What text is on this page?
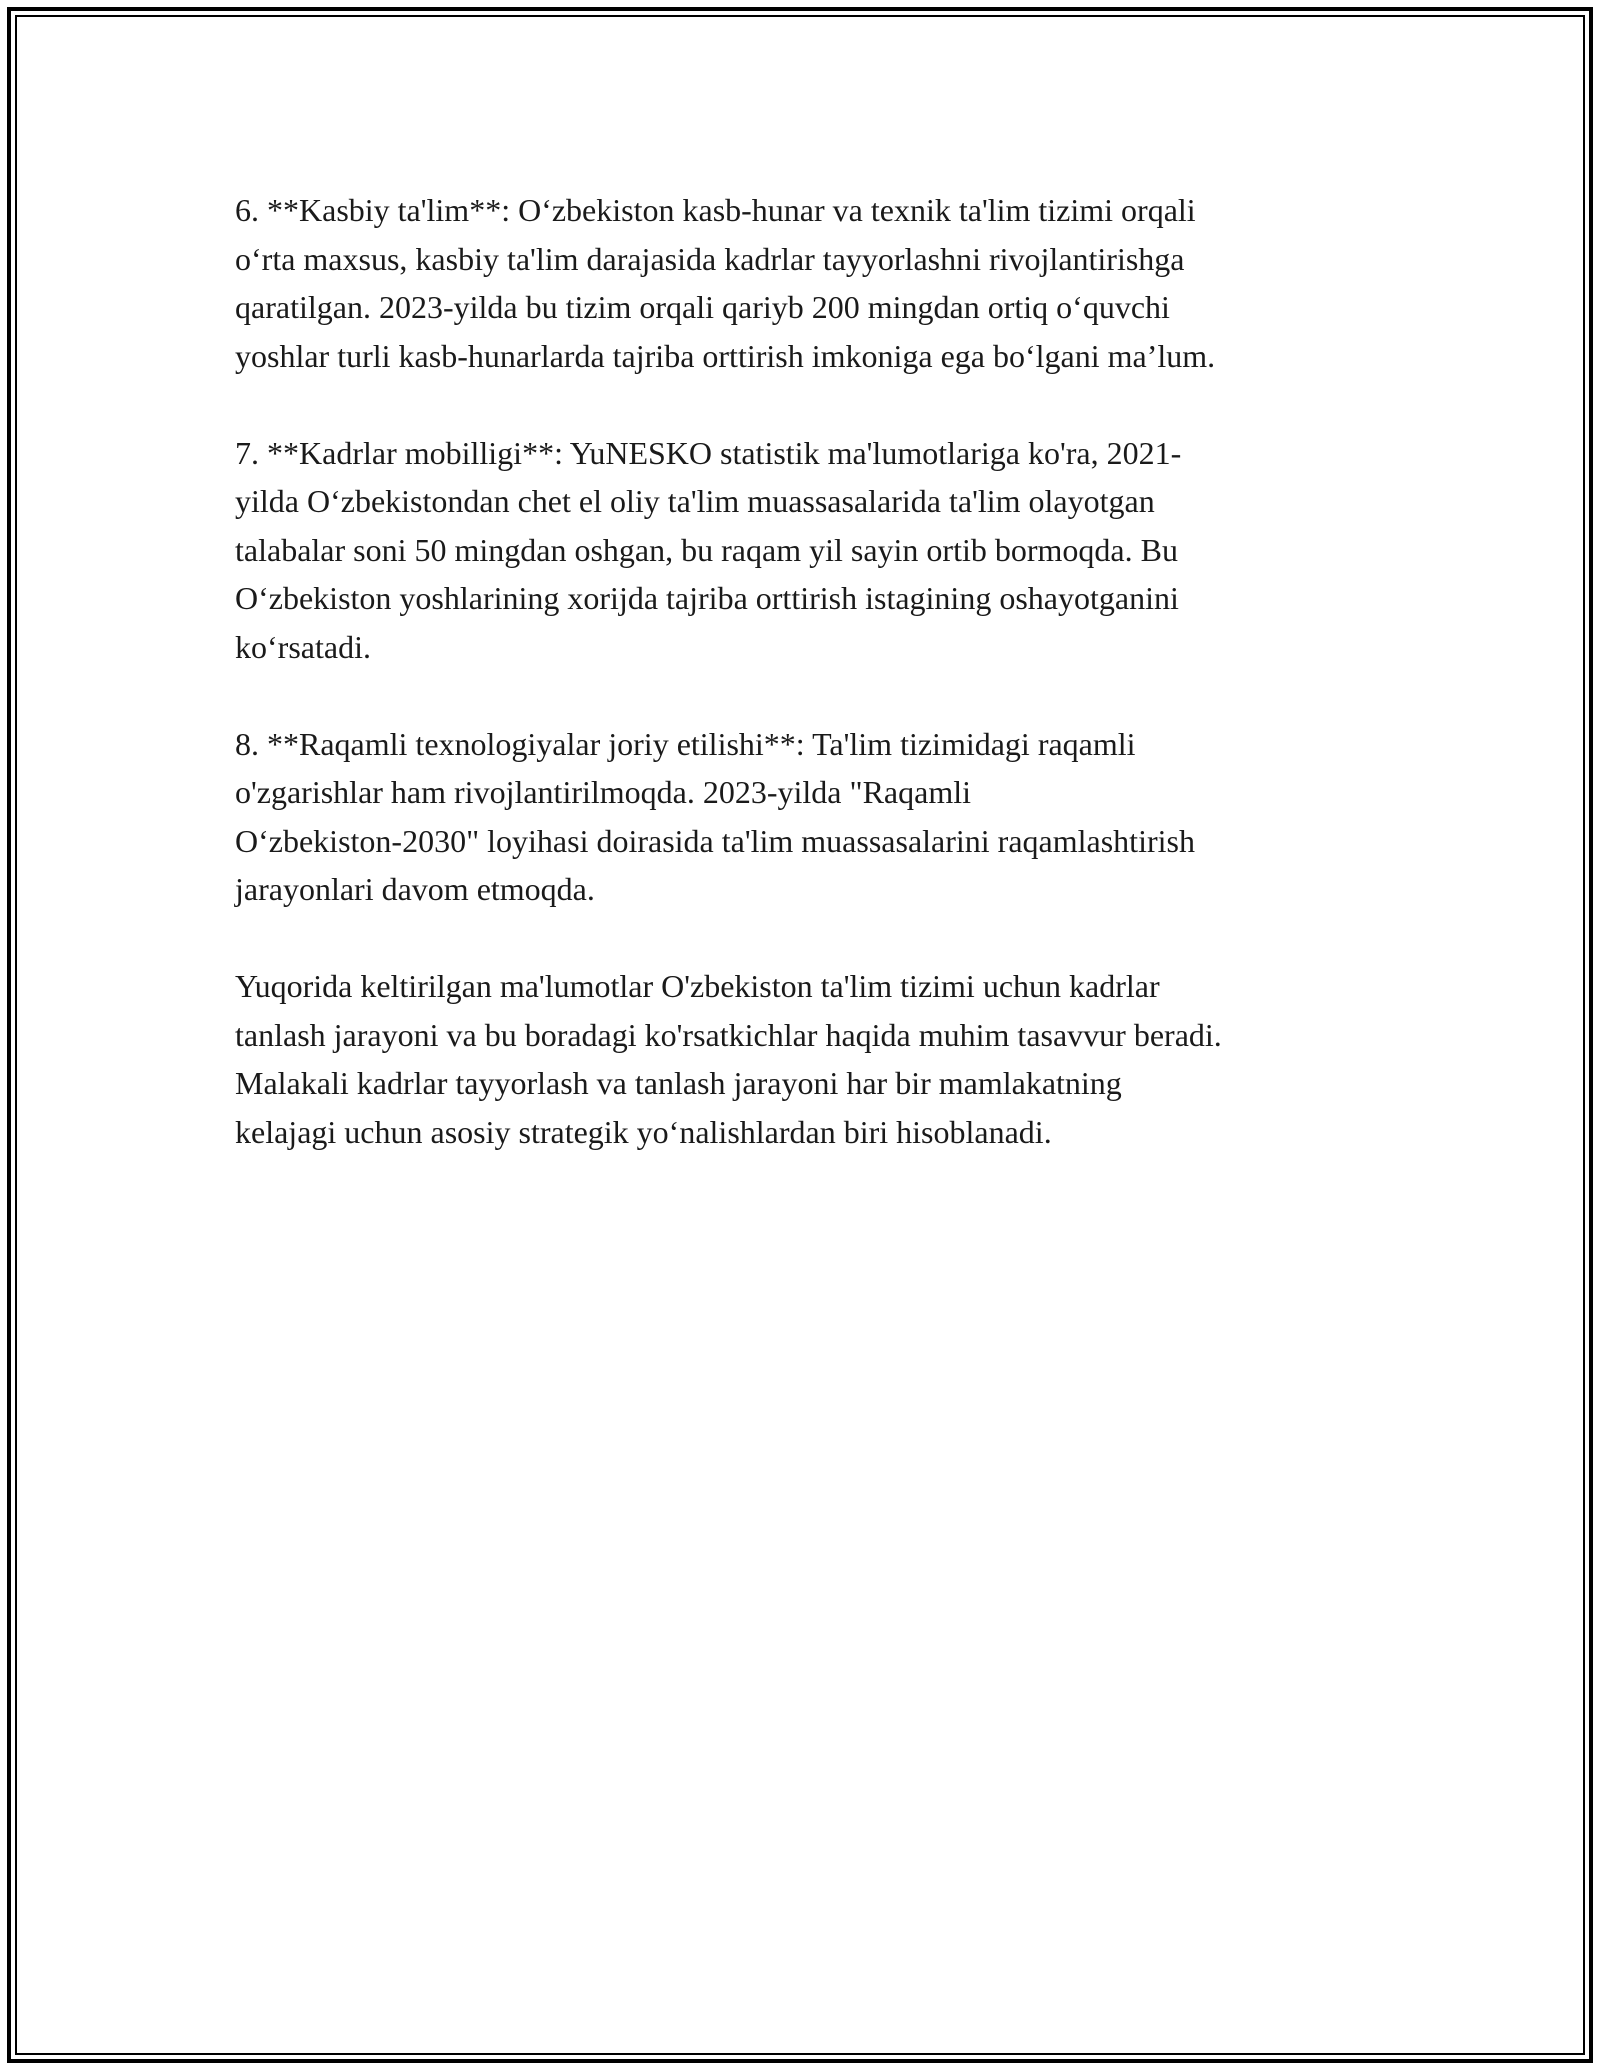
6. **Kasbiy ta'lim**: O‘zbekiston kasb-hunar va texnik ta'lim tizimi orqali
o‘rta maxsus, kasbiy ta'lim darajasida kadrlar tayyorlashni rivojlantirishga
qaratilgan. 2023-yilda bu tizim orqali qariyb 200 mingdan ortiq o‘quvchi
yoshlar turli kasb-hunarlarda tajriba orttirish imkoniga ega bo‘lgani ma’lum.

7. **Kadrlar mobilligi**: YuNESKO statistik ma'lumotlariga ko'ra, 2021-
yilda O‘zbekistondan chet el oliy ta'lim muassasalarida ta'lim olayotgan
talabalar soni 50 mingdan oshgan, bu raqam yil sayin ortib bormoqda. Bu
O‘zbekiston yoshlarining xorijda tajriba orttirish istagining oshayotganini
ko‘rsatadi.

8. **Raqamli texnologiyalar joriy etilishi**: Ta'lim tizimidagi raqamli
o'zgarishlar ham rivojlantirilmoqda. 2023-yilda "Raqamli
O‘zbekiston-2030" loyihasi doirasida ta'lim muassasalarini raqamlashtirish
jarayonlari davom etmoqda.

Yuqorida keltirilgan ma'lumotlar O'zbekiston ta'lim tizimi uchun kadrlar
tanlash jarayoni va bu boradagi ko'rsatkichlar haqida muhim tasavvur beradi.
Malakali kadrlar tayyorlash va tanlash jarayoni har bir mamlakatning
kelajagi uchun asosiy strategik yo‘nalishlardan biri hisoblanadi.
